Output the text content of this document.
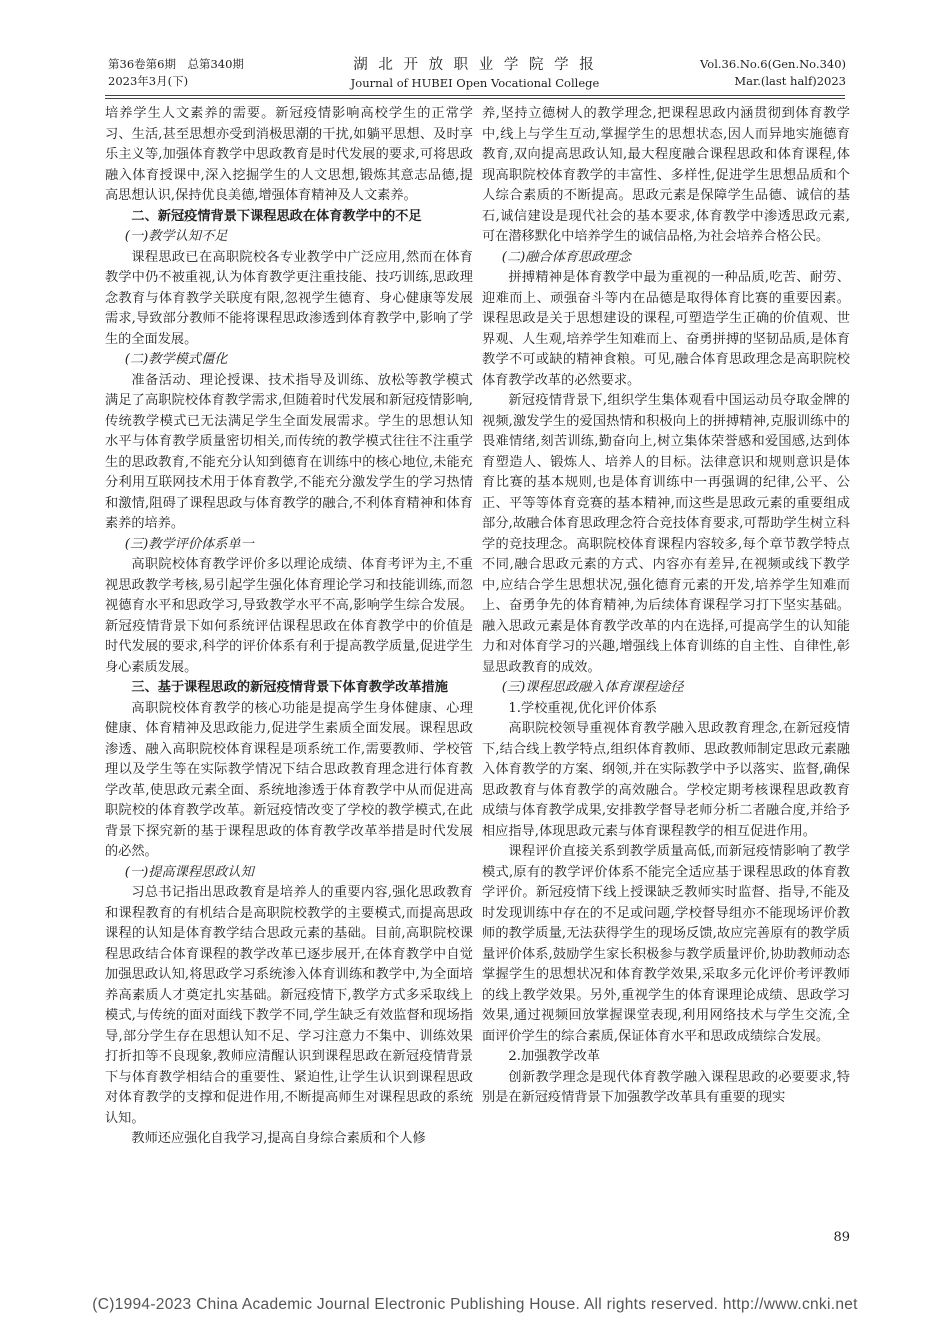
第36卷第6期　总第340期
2023年3月(下)
湖 北 开 放 职 业 学 院 学 报
Journal of HUBEI Open Vocational College
Vol.36.No.6(Gen.No.340)
Mar.(last half)2023

培养学生人文素养的需要。新冠疫情影响高校学生的正常学习、生活,甚至思想亦受到消极思潮的干扰,如躺平思想、及时享乐主义等,加强体育教学中思政教育是时代发展的要求,可将思政融入体育授课中,深入挖掘学生的人文思想,锻炼其意志品德,提高思想认识,保持优良美德,增强体育精神及人文素养。

二、新冠疫情背景下课程思政在体育教学中的不足

(一)教学认知不足

课程思政已在高职院校各专业教学中广泛应用,然而在体育教学中仍不被重视,认为体育教学更注重技能、技巧训练,思政理念教育与体育教学关联度有限,忽视学生德育、身心健康等发展需求,导致部分教师不能将课程思政渗透到体育教学中,影响了学生的全面发展。

(二)教学模式僵化

准备活动、理论授课、技术指导及训练、放松等教学模式满足了高职院校体育教学需求,但随着时代发展和新冠疫情影响,传统教学模式已无法满足学生全面发展需求。学生的思想认知水平与体育教学质量密切相关,而传统的教学模式往往不注重学生的思政教育,不能充分认知到德育在训练中的核心地位,未能充分利用互联网技术用于体育教学,不能充分激发学生的学习热情和激情,阻碍了课程思政与体育教学的融合,不利体育精神和体育素养的培养。

(三)教学评价体系单一

高职院校体育教学评价多以理论成绩、体育考评为主,不重视思政教学考核,易引起学生强化体育理论学习和技能训练,而忽视德育水平和思政学习,导致教学水平不高,影响学生综合发展。新冠疫情背景下如何系统评估课程思政在体育教学中的价值是时代发展的要求,科学的评价体系有利于提高教学质量,促进学生身心素质发展。

三、基于课程思政的新冠疫情背景下体育教学改革措施

高职院校体育教学的核心功能是提高学生身体健康、心理健康、体育精神及思政能力,促进学生素质全面发展。课程思政渗透、融入高职院校体育课程是项系统工作,需要教师、学校管理以及学生等在实际教学情况下结合思政教育理念进行体育教学改革,使思政元素全面、系统地渗透于体育教学中从而促进高职院校的体育教学改革。新冠疫情改变了学校的教学模式,在此背景下探究新的基于课程思政的体育教学改革举措是时代发展的必然。

(一)提高课程思政认知

习总书记指出思政教育是培养人的重要内容,强化思政教育和课程教育的有机结合是高职院校教学的主要模式,而提高思政课程的认知是体育教学结合思政元素的基础。目前,高职院校课程思政结合体育课程的教学改革已逐步展开,在体育教学中自觉加强思政认知,将思政学习系统渗入体育训练和教学中,为全面培养高素质人才奠定扎实基础。新冠疫情下,教学方式多采取线上模式,与传统的面对面线下教学不同,学生缺乏有效监督和现场指导,部分学生存在思想认知不足、学习注意力不集中、训练效果打折扣等不良现象,教师应清醒认识到课程思政在新冠疫情背景下与体育教学相结合的重要性、紧迫性,让学生认识到课程思政对体育教学的支撑和促进作用,不断提高师生对课程思政的系统认知。

教师还应强化自我学习,提高自身综合素质和个人修

养,坚持立德树人的教学理念,把课程思政内涵贯彻到体育教学中,线上与学生互动,掌握学生的思想状态,因人而异地实施德育教育,双向提高思政认知,最大程度融合课程思政和体育课程,体现高职院校体育教学的丰富性、多样性,促进学生思想品质和个人综合素质的不断提高。思政元素是保障学生品德、诚信的基石,诚信建设是现代社会的基本要求,体育教学中渗透思政元素,可在潜移默化中培养学生的诚信品格,为社会培养合格公民。

(二)融合体育思政理念

拼搏精神是体育教学中最为重视的一种品质,吃苦、耐劳、迎难而上、顽强奋斗等内在品德是取得体育比赛的重要因素。课程思政是关于思想建设的课程,可塑造学生正确的价值观、世界观、人生观,培养学生知难而上、奋勇拼搏的坚韧品质,是体育教学不可或缺的精神食粮。可见,融合体育思政理念是高职院校体育教学改革的必然要求。

新冠疫情背景下,组织学生集体观看中国运动员夺取金牌的视频,激发学生的爱国热情和积极向上的拼搏精神,克服训练中的畏难情绪,刻苦训练,勤奋向上,树立集体荣誉感和爱国感,达到体育塑造人、锻炼人、培养人的目标。法律意识和规则意识是体育比赛的基本规则,也是体育训练中一再强调的纪律,公平、公正、平等等体育竞赛的基本精神,而这些是思政元素的重要组成部分,故融合体育思政理念符合竞技体育要求,可帮助学生树立科学的竞技理念。高职院校体育课程内容较多,每个章节教学特点不同,融合思政元素的方式、内容亦有差异,在视频或线下教学中,应结合学生思想状况,强化德育元素的开发,培养学生知难而上、奋勇争先的体育精神,为后续体育课程学习打下坚实基础。融入思政元素是体育教学改革的内在选择,可提高学生的认知能力和对体育学习的兴趣,增强线上体育训练的自主性、自律性,彰显思政教育的成效。

(三)课程思政融入体育课程途径

1.学校重视,优化评价体系

高职院校领导重视体育教学融入思政教育理念,在新冠疫情下,结合线上教学特点,组织体育教师、思政教师制定思政元素融入体育教学的方案、纲领,并在实际教学中予以落实、监督,确保思政教育与体育教学的高效融合。学校定期考核课程思政教育成绩与体育教学成果,安排教学督导老师分析二者融合度,并给予相应指导,体现思政元素与体育课程教学的相互促进作用。

课程评价直接关系到教学质量高低,而新冠疫情影响了教学模式,原有的教学评价体系不能完全适应基于课程思政的体育教学评价。新冠疫情下线上授课缺乏教师实时监督、指导,不能及时发现训练中存在的不足或问题,学校督导组亦不能现场评价教师的教学质量,无法获得学生的现场反馈,故应完善原有的教学质量评价体系,鼓励学生家长积极参与教学质量评价,协助教师动态掌握学生的思想状况和体育教学效果,采取多元化评价考评教师的线上教学效果。另外,重视学生的体育课理论成绩、思政学习效果,通过视频回放掌握课堂表现,利用网络技术与学生交流,全面评价学生的综合素质,保证体育水平和思政成绩综合发展。

2.加强教学改革

创新教学理念是现代体育教学融入课程思政的必要要求,特别是在新冠疫情背景下加强教学改革具有重要的现实

89
(C)1994-2023 China Academic Journal Electronic Publishing House. All rights reserved. http://www.cnki.net
